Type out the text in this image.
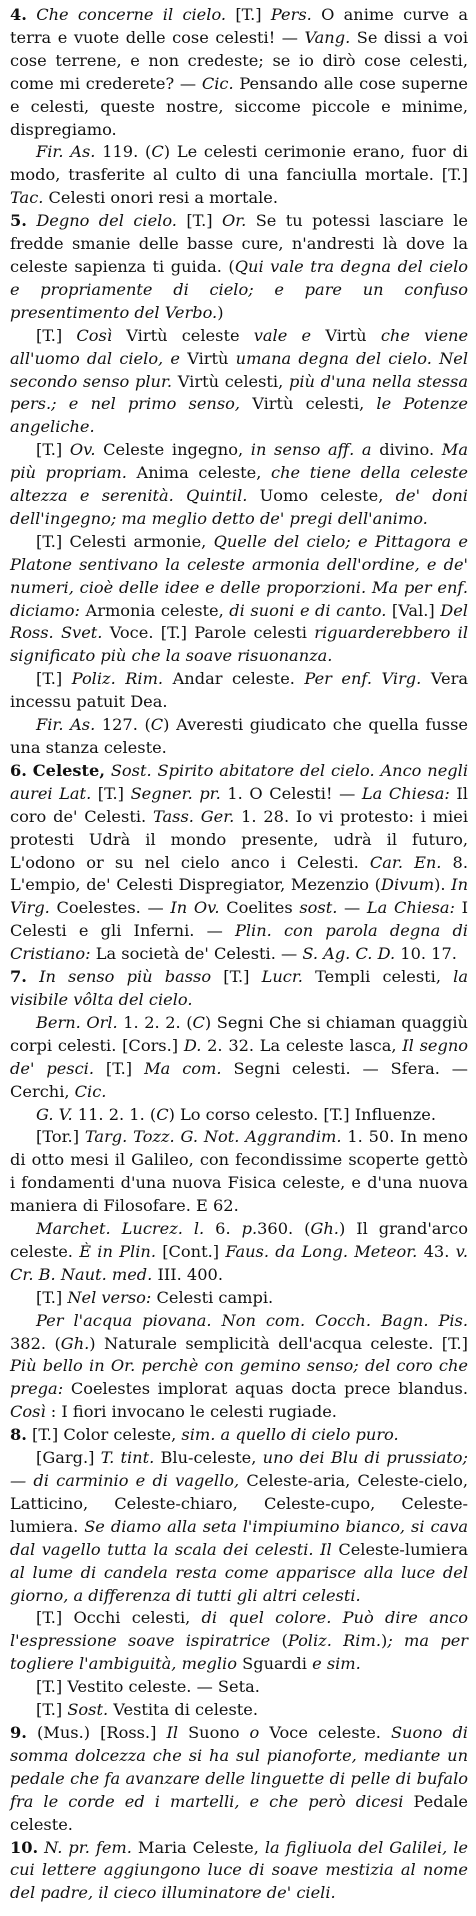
4. Che concerne il cielo. [T.] Pers. O anime curve a terra e vuote delle cose celesti! — Vang. Se dissi a voi cose terrene, e non credeste; se io dirò cose celesti, come mi crederete? — Cic. Pensando alle cose superne e celesti, queste nostre, siccome piccole e minime, dispregiamo.

Fir. As. 119. (C) Le celesti cerimonie erano, fuor di modo, trasferite al culto di una fanciulla mortale. [T.] Tac. Celesti onori resi a mortale.

5. Degno del cielo. [T.] Or. Se tu potessi lasciare le fredde smanie delle basse cure, n'andresti là dove la celeste sapienza ti guida. (Qui vale tra degna del cielo e propriamente di cielo; e pare un confuso presentimento del Verbo.)

[T.] Così Virtù celeste vale e Virtù che viene all'uomo dal cielo, e Virtù umana degna del cielo. Nel secondo senso plur. Virtù celesti, più d'una nella stessa pers.; e nel primo senso, Virtù celesti, le Potenze angeliche.

[T.] Ov. Celeste ingegno, in senso aff. a divino. Ma più propriam. Anima celeste, che tiene della celeste altezza e serenità. Quintil. Uomo celeste, de' doni dell'ingegno; ma meglio detto de' pregi dell'animo.

[T.] Celesti armonie, Quelle del cielo; e Pittagora e Platone sentivano la celeste armonia dell'ordine, e de' numeri, cioè delle idee e delle proporzioni. Ma per enf. diciamo: Armonia celeste, di suoni e di canto. [Val.] Del Ross. Svet. Voce. [T.] Parole celesti riguarderebbero il significato più che la soave risuonanza.

[T.] Poliz. Rim. Andar celeste. Per enf. Virg. Vera incessu patuit Dea.

Fir. As. 127. (C) Averesti giudicato che quella fusse una stanza celeste.

6. Celeste, Sost. Spirito abitatore del cielo. Anco negli aurei Lat. [T.] Segner. pr. 1. O Celesti! — La Chiesa: Il coro de' Celesti. Tass. Ger. 1. 28. Io vi protesto: i miei protesti Udrà il mondo presente, udrà il futuro, L'odono or su nel cielo anco i Celesti. Car. En. 8. L'empio, de' Celesti Dispregiator, Mezenzio (Divum). In Virg. Coelestes. — In Ov. Coelites sost. — La Chiesa: I Celesti e gli Inferni. — Plin. con parola degna di Cristiano: La società de' Celesti. — S. Ag. C. D. 10. 17.

7. In senso più basso [T.] Lucr. Templi celesti, la visibile vôlta del cielo.

Bern. Orl. 1. 2. 2. (C) Segni Che si chiaman quaggiù corpi celesti. [Cors.] D. 2. 32. La celeste lasca, Il segno de' pesci. [T.] Ma com. Segni celesti. — Sfera. — Cerchi, Cic.

G. V. 11. 2. 1. (C) Lo corso celesto. [T.] Influenze.

[Tor.] Targ. Tozz. G. Not. Aggrandim. 1. 50. In meno di otto mesi il Galileo, con fecondissime scoperte gettò i fondamenti d'una nuova Fisica celeste, e d'una nuova maniera di Filosofare. E 62.

Marchet. Lucrez. l. 6. p.360. (Gh.) Il grand'arco celeste. È in Plin. [Cont.] Faus. da Long. Meteor. 43. v. Cr. B. Naut. med. III. 400.

[T.] Nel verso: Celesti campi.

Per l'acqua piovana. Non com. Cocch. Bagn. Pis. 382. (Gh.) Naturale semplicità dell'acqua celeste. [T.] Più bello in Or. perchè con gemino senso; del coro che prega: Coelestes implorat aquas docta prece blandus. Così : I fiori invocano le celesti rugiade.

8. [T.] Color celeste, sim. a quello di cielo puro.

[Garg.] T. tint. Blu-celeste, uno dei Blu di prussiato; — di carminio e di vagello, Celeste-aria, Celeste-cielo, Latticino, Celeste-chiaro, Celeste-cupo, Celeste-lumiera. Se diamo alla seta l'impiumino bianco, si cava dal vagello tutta la scala dei celesti. Il Celeste-lumiera al lume di candela resta come apparisce alla luce del giorno, a differenza di tutti gli altri celesti.

[T.] Occhi celesti, di quel colore. Può dire anco l'espressione soave ispiratrice (Poliz. Rim.); ma per togliere l'ambiguità, meglio Sguardi e sim.

[T.] Vestito celeste. — Seta.

[T.] Sost. Vestita di celeste.

9. (Mus.) [Ross.] Il Suono o Voce celeste. Suono di somma dolcezza che si ha sul pianoforte, mediante un pedale che fa avanzare delle linguette di pelle di bufalo fra le corde ed i martelli, e che però dicesi Pedale celeste.

10. N. pr. fem. Maria Celeste, la figliuola del Galilei, le cui lettere aggiungono luce di soave mestizia al nome del padre, il cieco illuminatore de' cieli.
